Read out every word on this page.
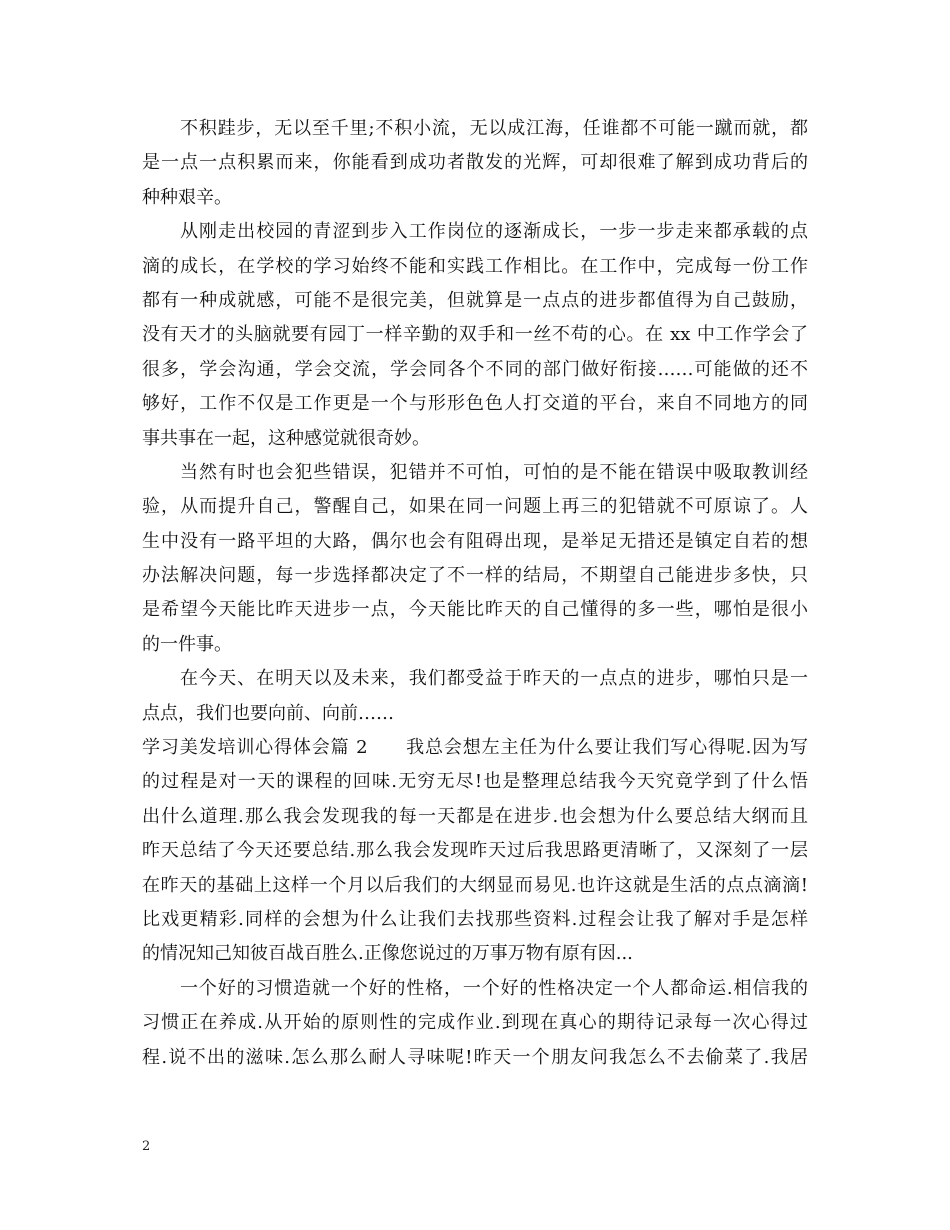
不积跬步，无以至千里;不积小流，无以成江海，任谁都不可能一蹴而就，都
是一点一点积累而来，你能看到成功者散发的光辉，可却很难了解到成功背后的
种种艰辛。
从刚走出校园的青涩到步入工作岗位的逐渐成长，一步一步走来都承载的点
滴的成长，在学校的学习始终不能和实践工作相比。在工作中，完成每一份工作
都有一种成就感，可能不是很完美，但就算是一点点的进步都值得为自己鼓励，
没有天才的头脑就要有园丁一样辛勤的双手和一丝不苟的心。在 xx 中工作学会了
很多，学会沟通，学会交流，学会同各个不同的部门做好衔接……可能做的还不
够好，工作不仅是工作更是一个与形形色色人打交道的平台，来自不同地方的同
事共事在一起，这种感觉就很奇妙。
当然有时也会犯些错误，犯错并不可怕，可怕的是不能在错误中吸取教训经
验，从而提升自己，警醒自己，如果在同一问题上再三的犯错就不可原谅了。人
生中没有一路平坦的大路，偶尔也会有阻碍出现，是举足无措还是镇定自若的想
办法解决问题，每一步选择都决定了不一样的结局，不期望自己能进步多快，只
是希望今天能比昨天进步一点，今天能比昨天的自己懂得的多一些，哪怕是很小
的一件事。
在今天、在明天以及未来，我们都受益于昨天的一点点的进步，哪怕只是一
点点，我们也要向前、向前……
学习美发培训心得体会篇 2　　我总会想左主任为什么要让我们写心得呢.因为写
的过程是对一天的课程的回味.无穷无尽!也是整理总结我今天究竟学到了什么悟
出什么道理.那么我会发现我的每一天都是在进步.也会想为什么要总结大纲而且
昨天总结了今天还要总结.那么我会发现昨天过后我思路更清晰了，又深刻了一层
在昨天的基础上这样一个月以后我们的大纲显而易见.也许这就是生活的点点滴滴!
比戏更精彩.同样的会想为什么让我们去找那些资料.过程会让我了解对手是怎样
的情况知己知彼百战百胜么.正像您说过的万事万物有原有因...
一个好的习惯造就一个好的性格，一个好的性格决定一个人都命运.相信我的
习惯正在养成.从开始的原则性的完成作业.到现在真心的期待记录每一次心得过
程.说不出的滋味.怎么那么耐人寻味呢!昨天一个朋友问我怎么不去偷菜了.我居
2
